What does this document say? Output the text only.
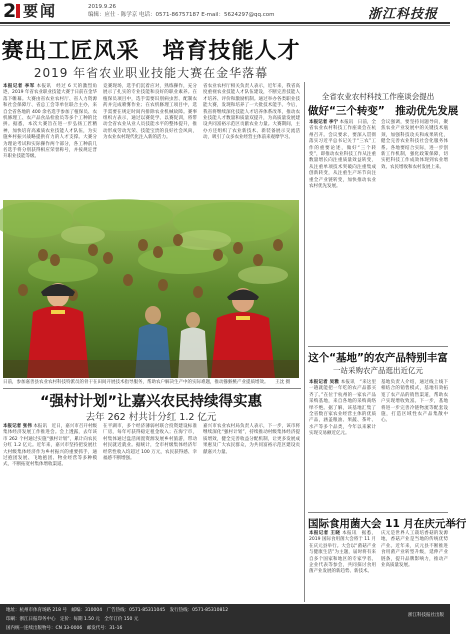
2 要闻	2019.9.26
编辑：应仕 · 陈学京 电话：0571-86757187 E-mail：5624297@qq.com	浙江科技报
赛出工匠风采　培育技能人才
2019 年省农业职业技能大赛在金华落幕
本报记者 李军 本报讯　经过 6 天的激烈角逐，2019 年省农业职业技能大赛于日前在金华落下帷幕。大赛由省农业农村厅、省人力资源和社会保障厅、省总工会等单位联合主办，来自全省各地的 400 余名选手参加了植保员、农机修理工、农产品食品检验员等多个工种的比拼。据悉，本次大赛旨在进一步弘扬工匠精神，加快培育高素质农业技能人才队伍，为实施乡村振兴战略提供有力的人才支撑。大赛分为理论考试和实际操作两个部分，各工种前几名选手将分别获得相应荣誉称号，并按规定晋升职业技能等级。
竞赛现场，选手们沉着应对，熟练操作，充分展示了扎实的专业技能和良好的职业素养。在植保员项目中，选手需要识别病虫害、配制农药并完成喷雾作业；在农机修理工项目中，选手需要在规定时间内排除农业机械故障。赛事组织方表示，通过以赛促学、以赛促训，将带动全省农业从业人员技能水平的整体提升，推动形成劳动光荣、技能宝贵的良好社会风尚，为农业农村现代化注入新的活力。
省农业农村厅相关负责人表示，近年来，我省高度重视农业技能人才队伍建设，不断完善技能人才培养、评价和激励机制。通过举办各类职业技能大赛，发现和培养了一大批技术能手。今后，我省将继续深化技能人才培养体系改革，推动农业技能人才数量和质量双提升，为高质量发展建设共同富裕示范区贡献农业力量。大赛期间，主办方还组织了农业新技术、新装备展示交流活动，吸引了众多农业经营主体前来观摩学习。
日前，参加嘉善县农业农村科技特派员的骨干在田间开展技术指导服务，帮助农户解决生产中的实际难题，推动猕猴桃产业提质增效。　　王沈 摄
“强村计划”让嘉兴农民持续得实惠
去年 262 村共计分红 1.2 亿元
本报记者 张伟 本报讯　近日，嘉兴市召开村级集体经济发展工作推进会。会上透露，去年该市 262 个村通过实施“强村计划”，累计向农民分红 1.2 亿元。近年来，嘉兴市坚持把发展壮大村级集体经济作为乡村振兴的重要抓手，通过抱团发展、飞地抱团、物业经营等多种模式，不断拓宽村集体增收渠道。
在平湖市，多个经济薄弱村联合投资建设标准厂房，每年可获得稳定租金收入；在海宁市，村集体通过盘活闲置资源发展乡村旅游，带动村民就近就业。据统计，全市村级集体经济年经常性收入均超过 100 万元，农民获得感、幸福感不断增强。
嘉兴市农业农村局负责人表示，下一步，该市将继续深化“强村计划”，持续推动村级集体经济提质增效，健全完善收益分配机制，让更多发展成果惠及广大农民群众，为共同富裕示范区建设贡献嘉兴力量。
全省农业农村科技工作座谈会提出
做好“三个转变”　推动优先发展
本报记者 李宁 本报讯　日前，全省农业农村科技工作座谈会在杭州召开。会议要求，要深入贯彻落实习近平总书记关于“三农”工作的重要论述，做好“三个转变”，即推动农业科技工作从注重数量增长向注重质量效益转变，从注重单项技术突破向注重集成创新转变，从注重生产环节向注重全产业链转变，加快推动农业农村优先发展。
会议强调，要坚持问题导向，聚焦农业产业发展中的关键技术瓶颈，加强科技攻关和成果转化，健全完善农业科技社会化服务体系。各地要结合实际，进一步创新工作机制，强化政策保障，切实把科技工作成效体现到农业增效、农民增收和农村发展上来。
这个“基地”的农产品特别丰富
一站采购农产品逛出近亿元
本报记者 吴雅 本报讯　“来这里一趟就能把一年吃的农产品都买齐了。”在位于杭州的一家农产品采购基地，来自各地的采购商络绎不绝。据了解，该基地汇集了全省数百家农业经营主体的优质产品，涵盖粮油、果蔬、茶叶、水产等多个品类，今年以来累计实现交易额近亿元。
基地负责人介绍，通过线上线下相结合的销售模式，基地有效拓宽了农产品的销售渠道，帮助农户实现增收致富。下一步，基地将进一步完善冷链物流等配套设施，打造区域性农产品集散中心。
国际食用菌大会 11 月在庆元举行
本报记者 王晓 本报讯　据悉，2019 国际食用菌大会将于 11 月在庆元县举行。大会以“菌菇产业与健康生活”为主题，届时将有来自多个国家和地区的专家学者、企业代表等参会，共同探讨食用菌产业发展的新趋势、新技术。
庆元是世界人工栽培香菇的发源地，香菇产业是当地的传统优势产业。近年来，庆元县不断推进食用菌产业转型升级，延伸产业链条，提升品牌影响力，推动产业高质量发展。
地址：杭州市体育场路 218 号　邮编：310004　广告热线：0571-85311045　发行热线：0571-85310812
印刷：浙江日报印务中心　定价：每期 1.50 元　全年订价 150 元
国内统一连续出版物号：CN 33-0006　邮发代号：31-16
浙江科技报社出版
